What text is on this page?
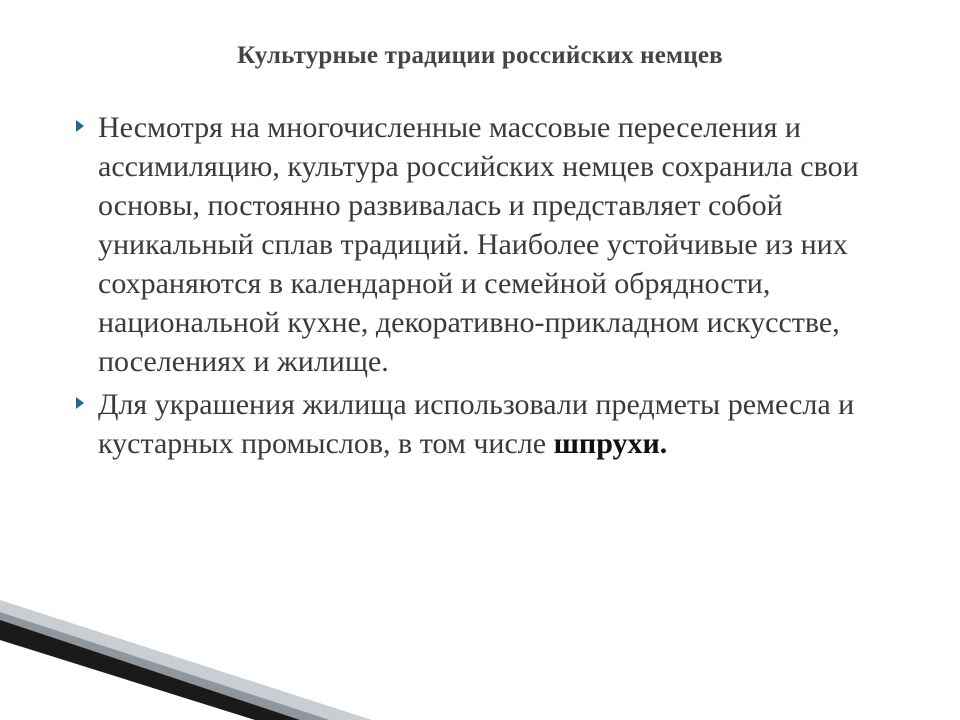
Культурные традиции российских немцев
Несмотря на многочисленные массовые переселения и ассимиляцию, культура российских немцев сохранила свои основы, постоянно развивалась и представляет собой уникальный сплав традиций. Наиболее устойчивые из них сохраняются в календарной и семейной обрядности, национальной кухне, декоративно-прикладном искусстве, поселениях и жилище.
Для украшения жилища использовали предметы ремесла и кустарных промыслов, в том числе шпрухи.
